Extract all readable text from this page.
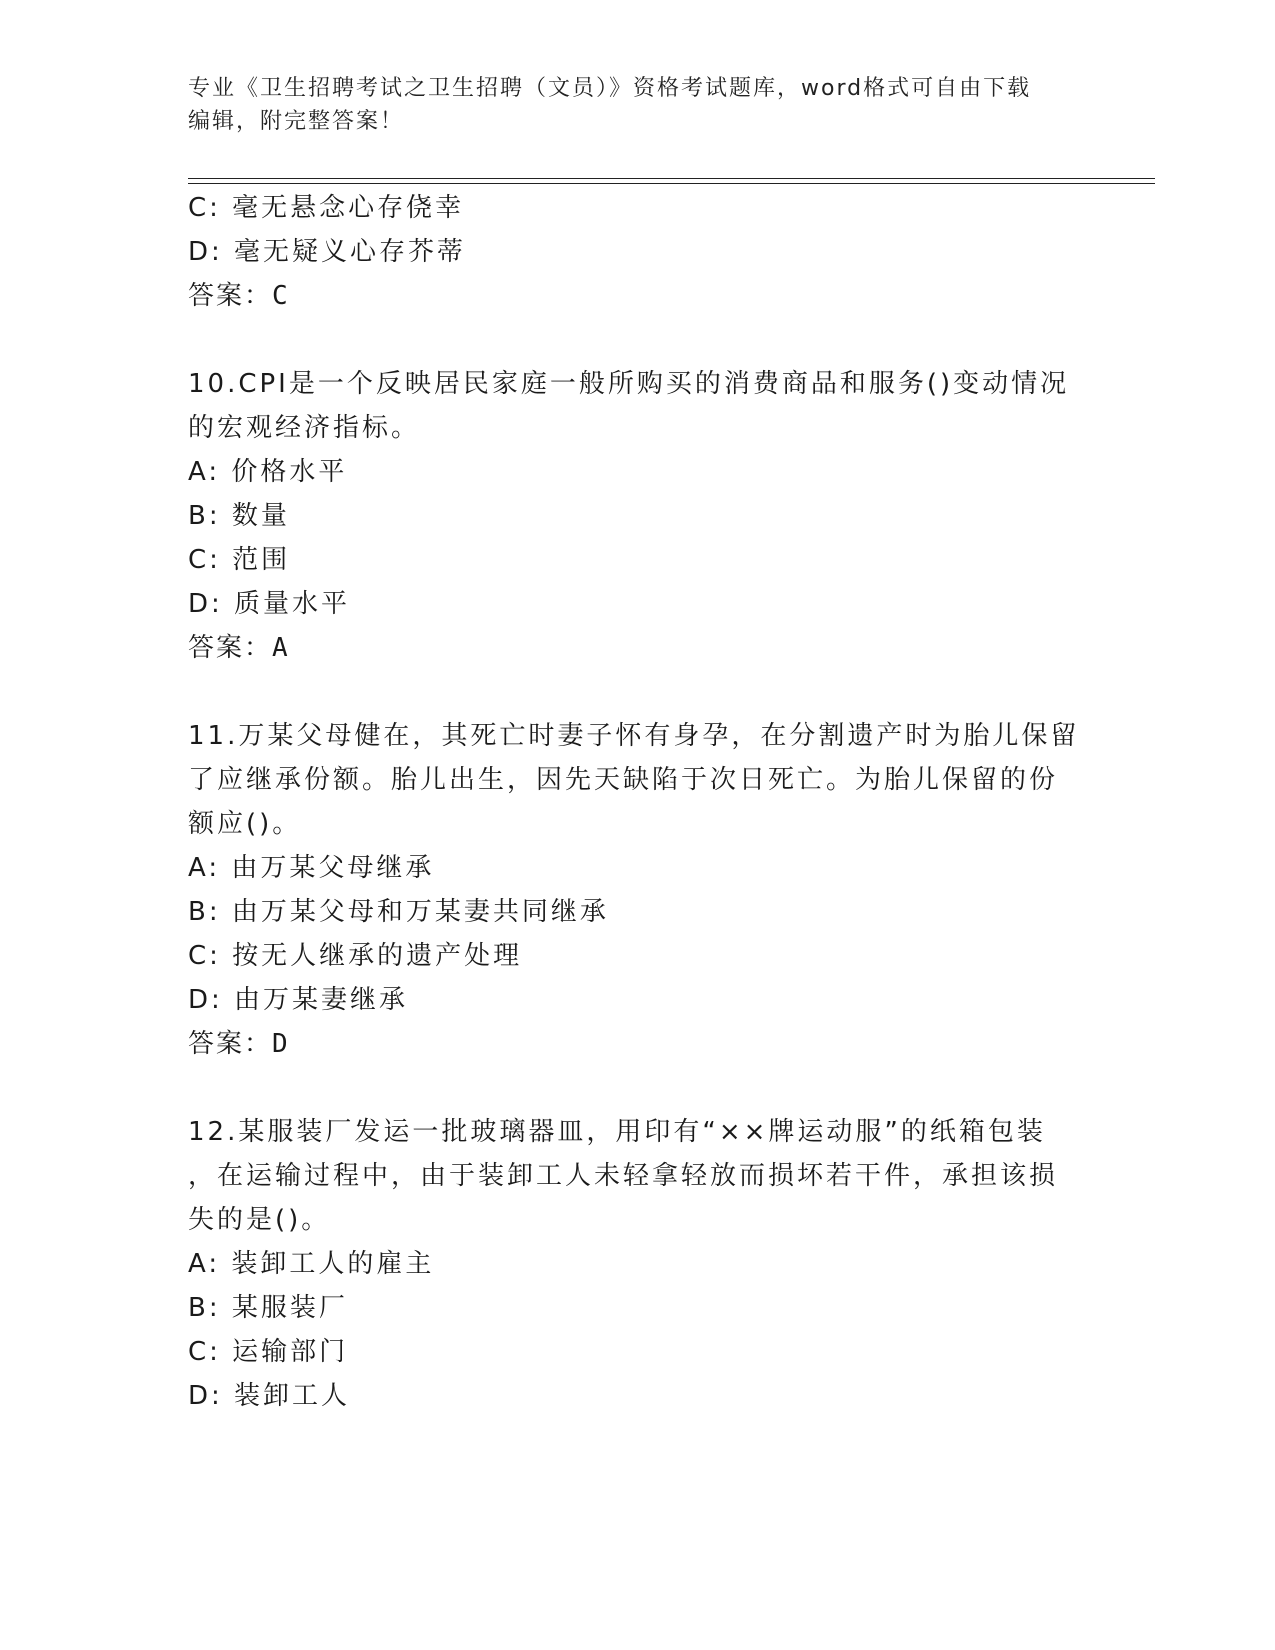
专业《卫生招聘考试之卫生招聘（文员）》资格考试题库，word格式可自由下载
编辑，附完整答案！
C: 毫无悬念心存侥幸
D: 毫无疑义心存芥蒂
答案：C
10.CPI是一个反映居民家庭一般所购买的消费商品和服务()变动情况
的宏观经济指标。
A: 价格水平
B: 数量
C: 范围
D: 质量水平
答案：A
11.万某父母健在，其死亡时妻子怀有身孕，在分割遗产时为胎儿保留
了应继承份额。胎儿出生，因先天缺陷于次日死亡。为胎儿保留的份
额应()。
A: 由万某父母继承
B: 由万某父母和万某妻共同继承
C: 按无人继承的遗产处理
D: 由万某妻继承
答案：D
12.某服装厂发运一批玻璃器皿，用印有“××牌运动服”的纸箱包装
，在运输过程中，由于装卸工人未轻拿轻放而损坏若干件，承担该损
失的是()。
A: 装卸工人的雇主
B: 某服装厂
C: 运输部门
D: 装卸工人
